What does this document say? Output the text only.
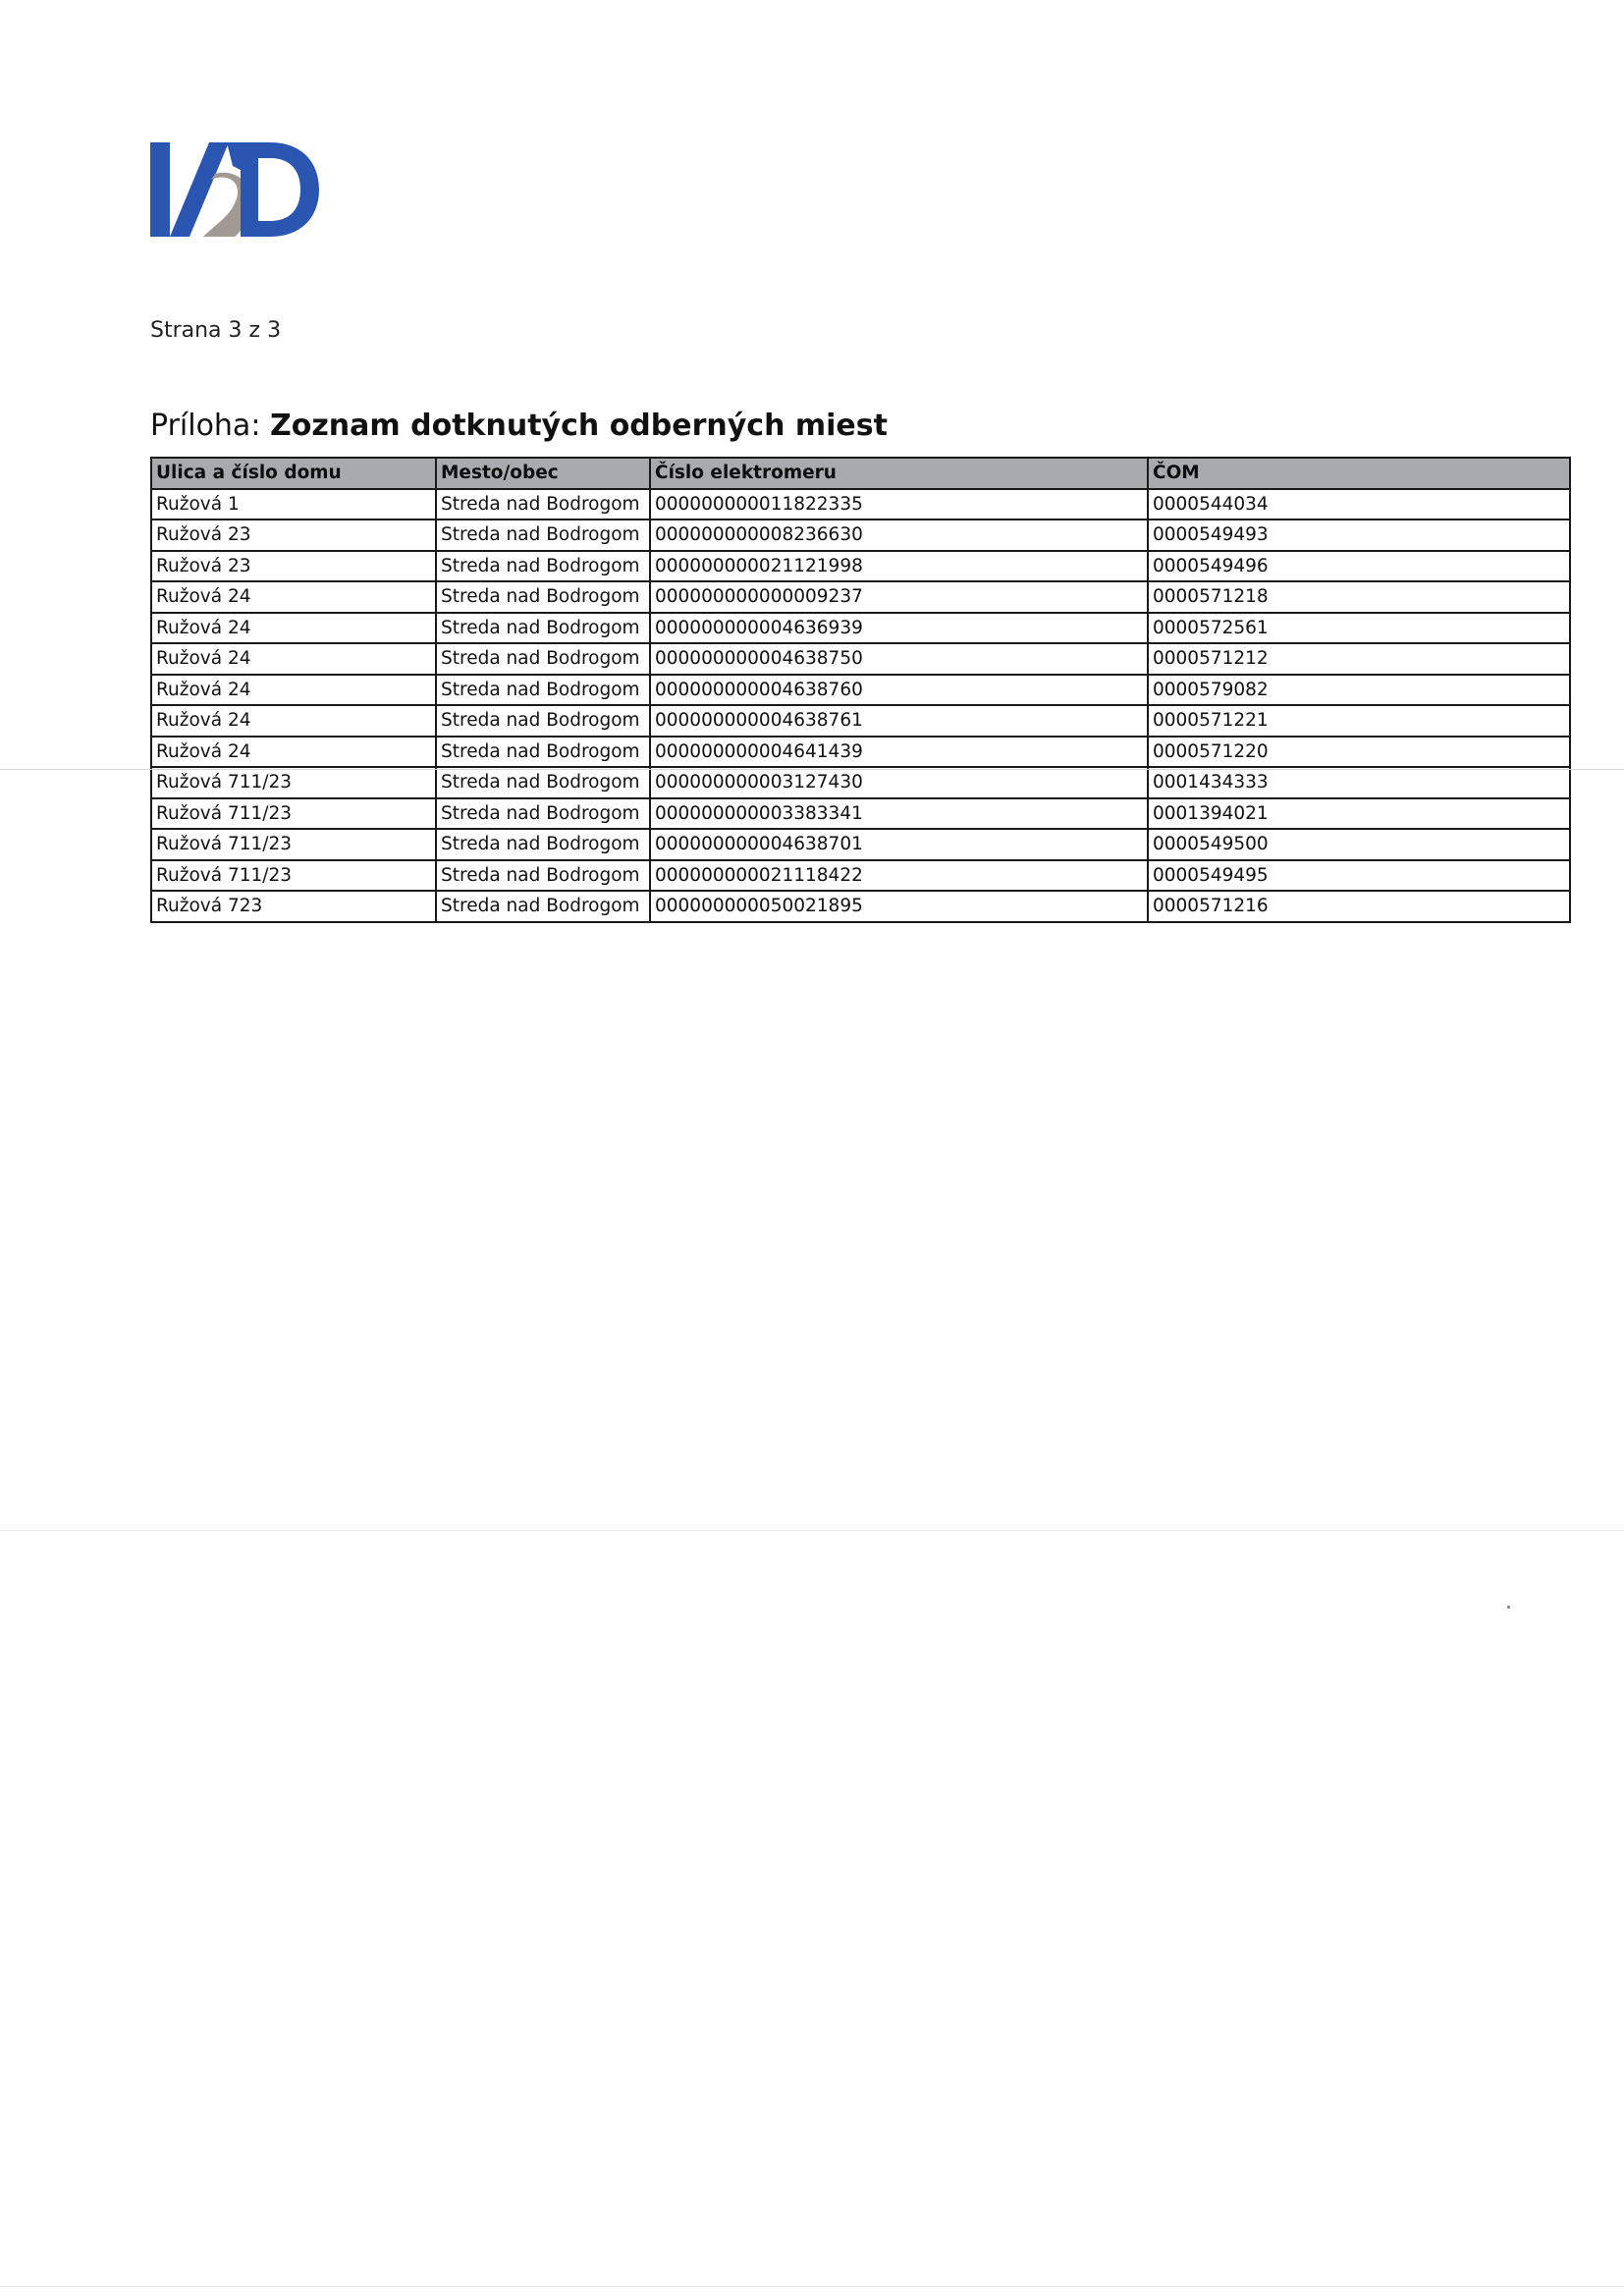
Strana 3 z 3
Príloha: Zoznam dotknutých odberných miest
Ulica a číslo domu	Mesto/obec	Číslo elektromeru	ČOM
Ružová 1	Streda nad Bodrogom	000000000011822335	0000544034
Ružová 23	Streda nad Bodrogom	000000000008236630	0000549493
Ružová 23	Streda nad Bodrogom	000000000021121998	0000549496
Ružová 24	Streda nad Bodrogom	000000000000009237	0000571218
Ružová 24	Streda nad Bodrogom	000000000004636939	0000572561
Ružová 24	Streda nad Bodrogom	000000000004638750	0000571212
Ružová 24	Streda nad Bodrogom	000000000004638760	0000579082
Ružová 24	Streda nad Bodrogom	000000000004638761	0000571221
Ružová 24	Streda nad Bodrogom	000000000004641439	0000571220
Ružová 711/23	Streda nad Bodrogom	000000000003127430	0001434333
Ružová 711/23	Streda nad Bodrogom	000000000003383341	0001394021
Ružová 711/23	Streda nad Bodrogom	000000000004638701	0000549500
Ružová 711/23	Streda nad Bodrogom	000000000021118422	0000549495
Ružová 723	Streda nad Bodrogom	000000000050021895	0000571216
